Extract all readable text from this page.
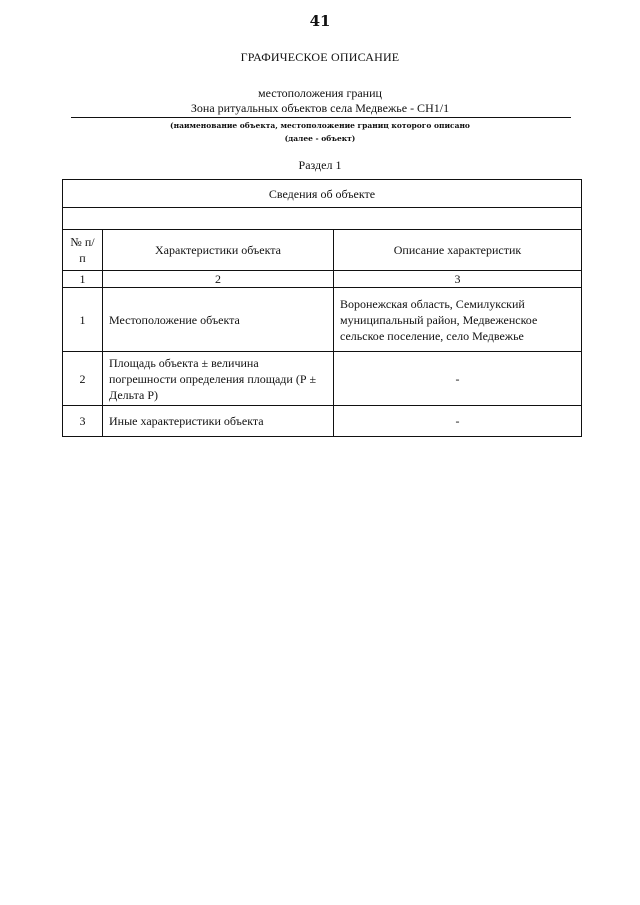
41
ГРАФИЧЕСКОЕ ОПИСАНИЕ
местоположения границ
Зона ритуальных объектов села Медвежье - СН1/1
(наименование объекта, местоположение границ которого описано
(далее - объект)
Раздел 1
Сведения об объекте		

№ п/п	Характеристики объекта	Описание характеристик
1	2	3
1	Местоположение объекта	Воронежская область, Семилукский муниципальный район, Медвеженское сельское поселение, село Медвежье
2	Площадь объекта ± величина погрешности определения площади (Р ± Дельта Р)	-
3	Иные характеристики объекта	-
